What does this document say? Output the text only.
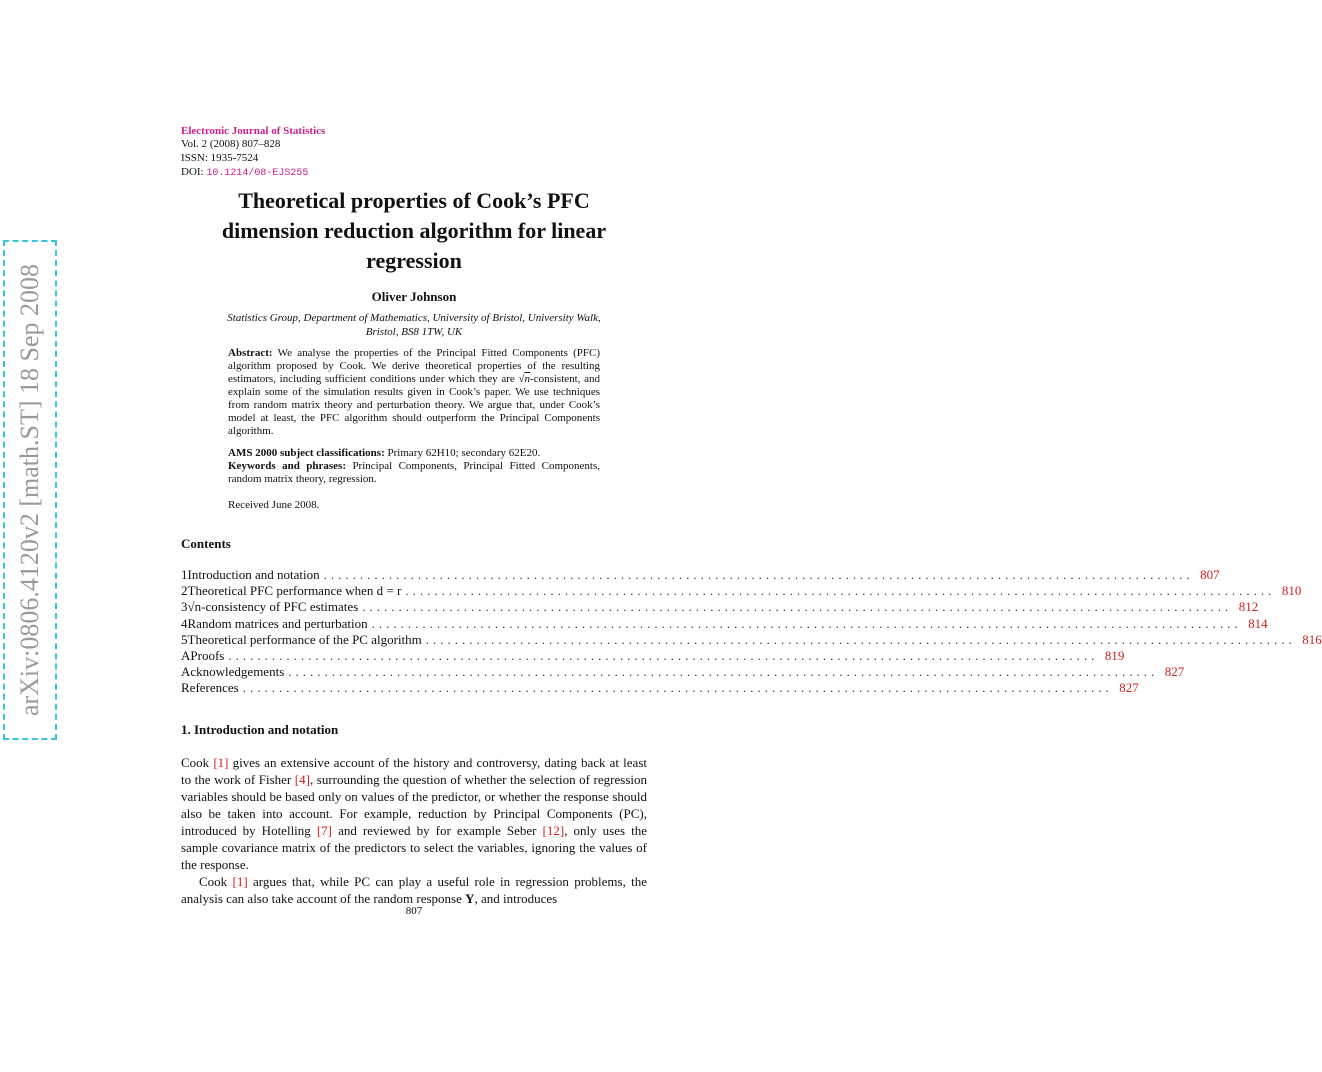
arXiv:0806.4120v2 [math.ST] 18 Sep 2008
Electronic Journal of Statistics
Vol. 2 (2008) 807–828
ISSN: 1935-7524
DOI: 10.1214/08-EJS255
Theoretical properties of Cook’s PFC
dimension reduction algorithm for linear
regression
Oliver Johnson
Statistics Group, Department of Mathematics, University of Bristol, University Walk,
Bristol, BS8 1TW, UK
Abstract: We analyse the properties of the Principal Fitted Components (PFC) algorithm proposed by Cook. We derive theoretical properties of the resulting estimators, including sufficient conditions under which they are √n-consistent, and explain some of the simulation results given in Cook’s paper. We use techniques from random matrix theory and perturbation theory. We argue that, under Cook’s model at least, the PFC algorithm should outperform the Principal Components algorithm.
AMS 2000 subject classifications: Primary 62H10; secondary 62E20.
Keywords and phrases: Principal Components, Principal Fitted Components, random matrix theory, regression.
Received June 2008.
Contents
1 Introduction and notation ........................................................................................................................ 807
2 Theoretical PFC performance when d = r ........................................................................................................................ 810
3 √n-consistency of PFC estimates ........................................................................................................................ 812
4 Random matrices and perturbation ........................................................................................................................ 814
5 Theoretical performance of the PC algorithm ........................................................................................................................ 816
A Proofs ........................................................................................................................ 819
Acknowledgements ........................................................................................................................ 827
References ........................................................................................................................ 827
1. Introduction and notation

Cook [1] gives an extensive account of the history and controversy, dating back at least to the work of Fisher [4], surrounding the question of whether the selection of regression variables should be based only on values of the predictor, or whether the response should also be taken into account. For example, reduction by Principal Components (PC), introduced by Hotelling [7] and reviewed by for example Seber [12], only uses the sample covariance matrix of the predictors to select the variables, ignoring the values of the response.

Cook [1] argues that, while PC can play a useful role in regression problems, the analysis can also take account of the random response Y, and introduces

807
